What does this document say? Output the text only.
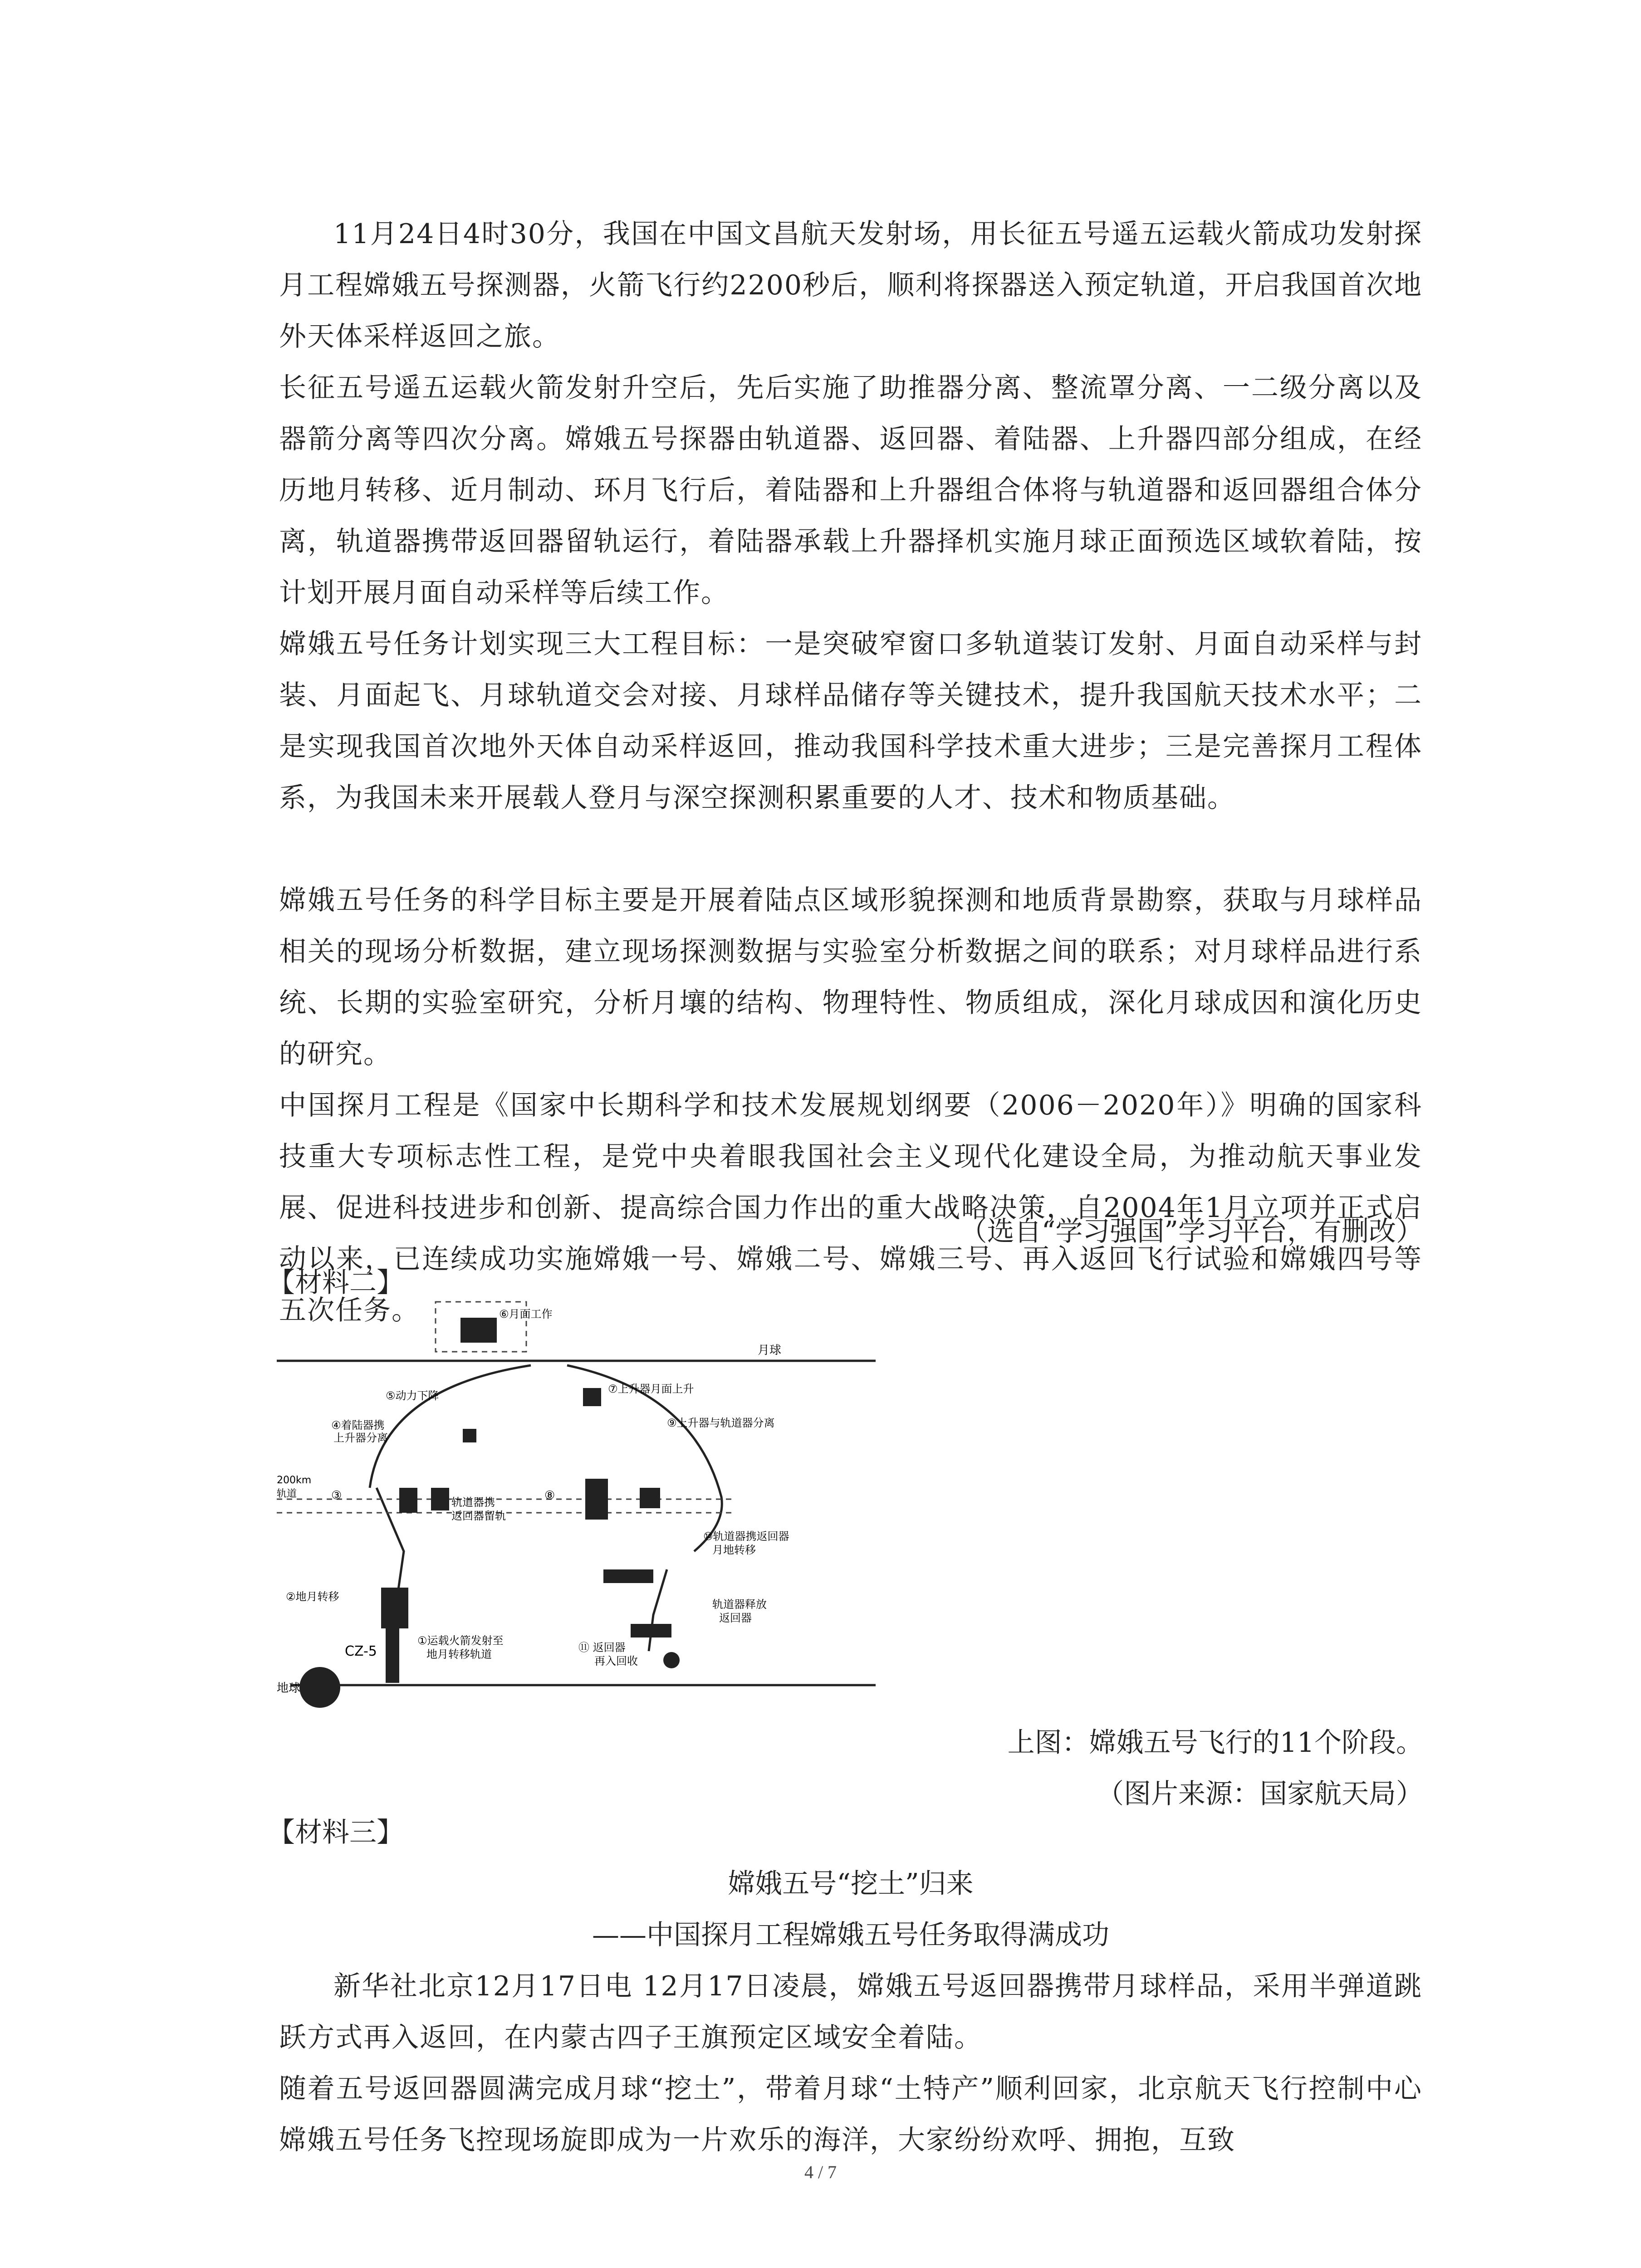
11月24日4时30分，我国在中国文昌航天发射场，用长征五号遥五运载火箭成功发射探月工程嫦娥五号探测器，火箭飞行约2200秒后，顺利将探器送入预定轨道，开启我国首次地外天体采样返回之旅。

长征五号遥五运载火箭发射升空后，先后实施了助推器分离、整流罩分离、一二级分离以及器箭分离等四次分离。嫦娥五号探器由轨道器、返回器、着陆器、上升器四部分组成，在经历地月转移、近月制动、环月飞行后，着陆器和上升器组合体将与轨道器和返回器组合体分离，轨道器携带返回器留轨运行，着陆器承载上升器择机实施月球正面预选区域软着陆，按计划开展月面自动采样等后续工作。

嫦娥五号任务计划实现三大工程目标：一是突破窄窗口多轨道装订发射、月面自动采样与封装、月面起飞、月球轨道交会对接、月球样品储存等关键技术，提升我国航天技术水平；二是实现我国首次地外天体自动采样返回，推动我国科学技术重大进步；三是完善探月工程体系，为我国未来开展载人登月与深空探测积累重要的人才、技术和物质基础。

嫦娥五号任务的科学目标主要是开展着陆点区域形貌探测和地质背景勘察，获取与月球样品相关的现场分析数据，建立现场探测数据与实验室分析数据之间的联系；对月球样品进行系统、长期的实验室研究，分析月壤的结构、物理特性、物质组成，深化月球成因和演化历史的研究。

中国探月工程是《国家中长期科学和技术发展规划纲要（2006－2020年）》明确的国家科技重大专项标志性工程，是党中央着眼我国社会主义现代化建设全局，为推动航天事业发展、促进科技进步和创新、提高综合国力作出的重大战略决策，自2004年1月立项并正式启动以来，已连续成功实施嫦娥一号、嫦娥二号、嫦娥三号、再入返回飞行试验和嫦娥四号等五次任务。

（选自“学习强国”学习平台，有删改）

【材料二】

月球
地球
CZ-5
200km
轨道
⑥月面工作
⑤动力下降
④着陆器携
上升器分离
轨道器携
返回器留轨
③	⑧
⑦上升器月面上升
⑨上升器与轨道器分离
⑩轨道器携返回器
月地转移
轨道器释放
返回器
②地月转移
①运载火箭发射至
地月转移轨道
⑪ 返回器
再入回收

上图：嫦娥五号飞行的11个阶段。

（图片来源：国家航天局）

【材料三】

嫦娥五号“挖土”归来

——中国探月工程嫦娥五号任务取得满成功

新华社北京12月17日电 12月17日凌晨，嫦娥五号返回器携带月球样品，采用半弹道跳跃方式再入返回，在内蒙古四子王旗预定区域安全着陆。

随着五号返回器圆满完成月球“挖土”，带着月球“土特产”顺利回家，北京航天飞行控制中心嫦娥五号任务飞控现场旋即成为一片欢乐的海洋，大家纷纷欢呼、拥抱，互致

4 / 7
